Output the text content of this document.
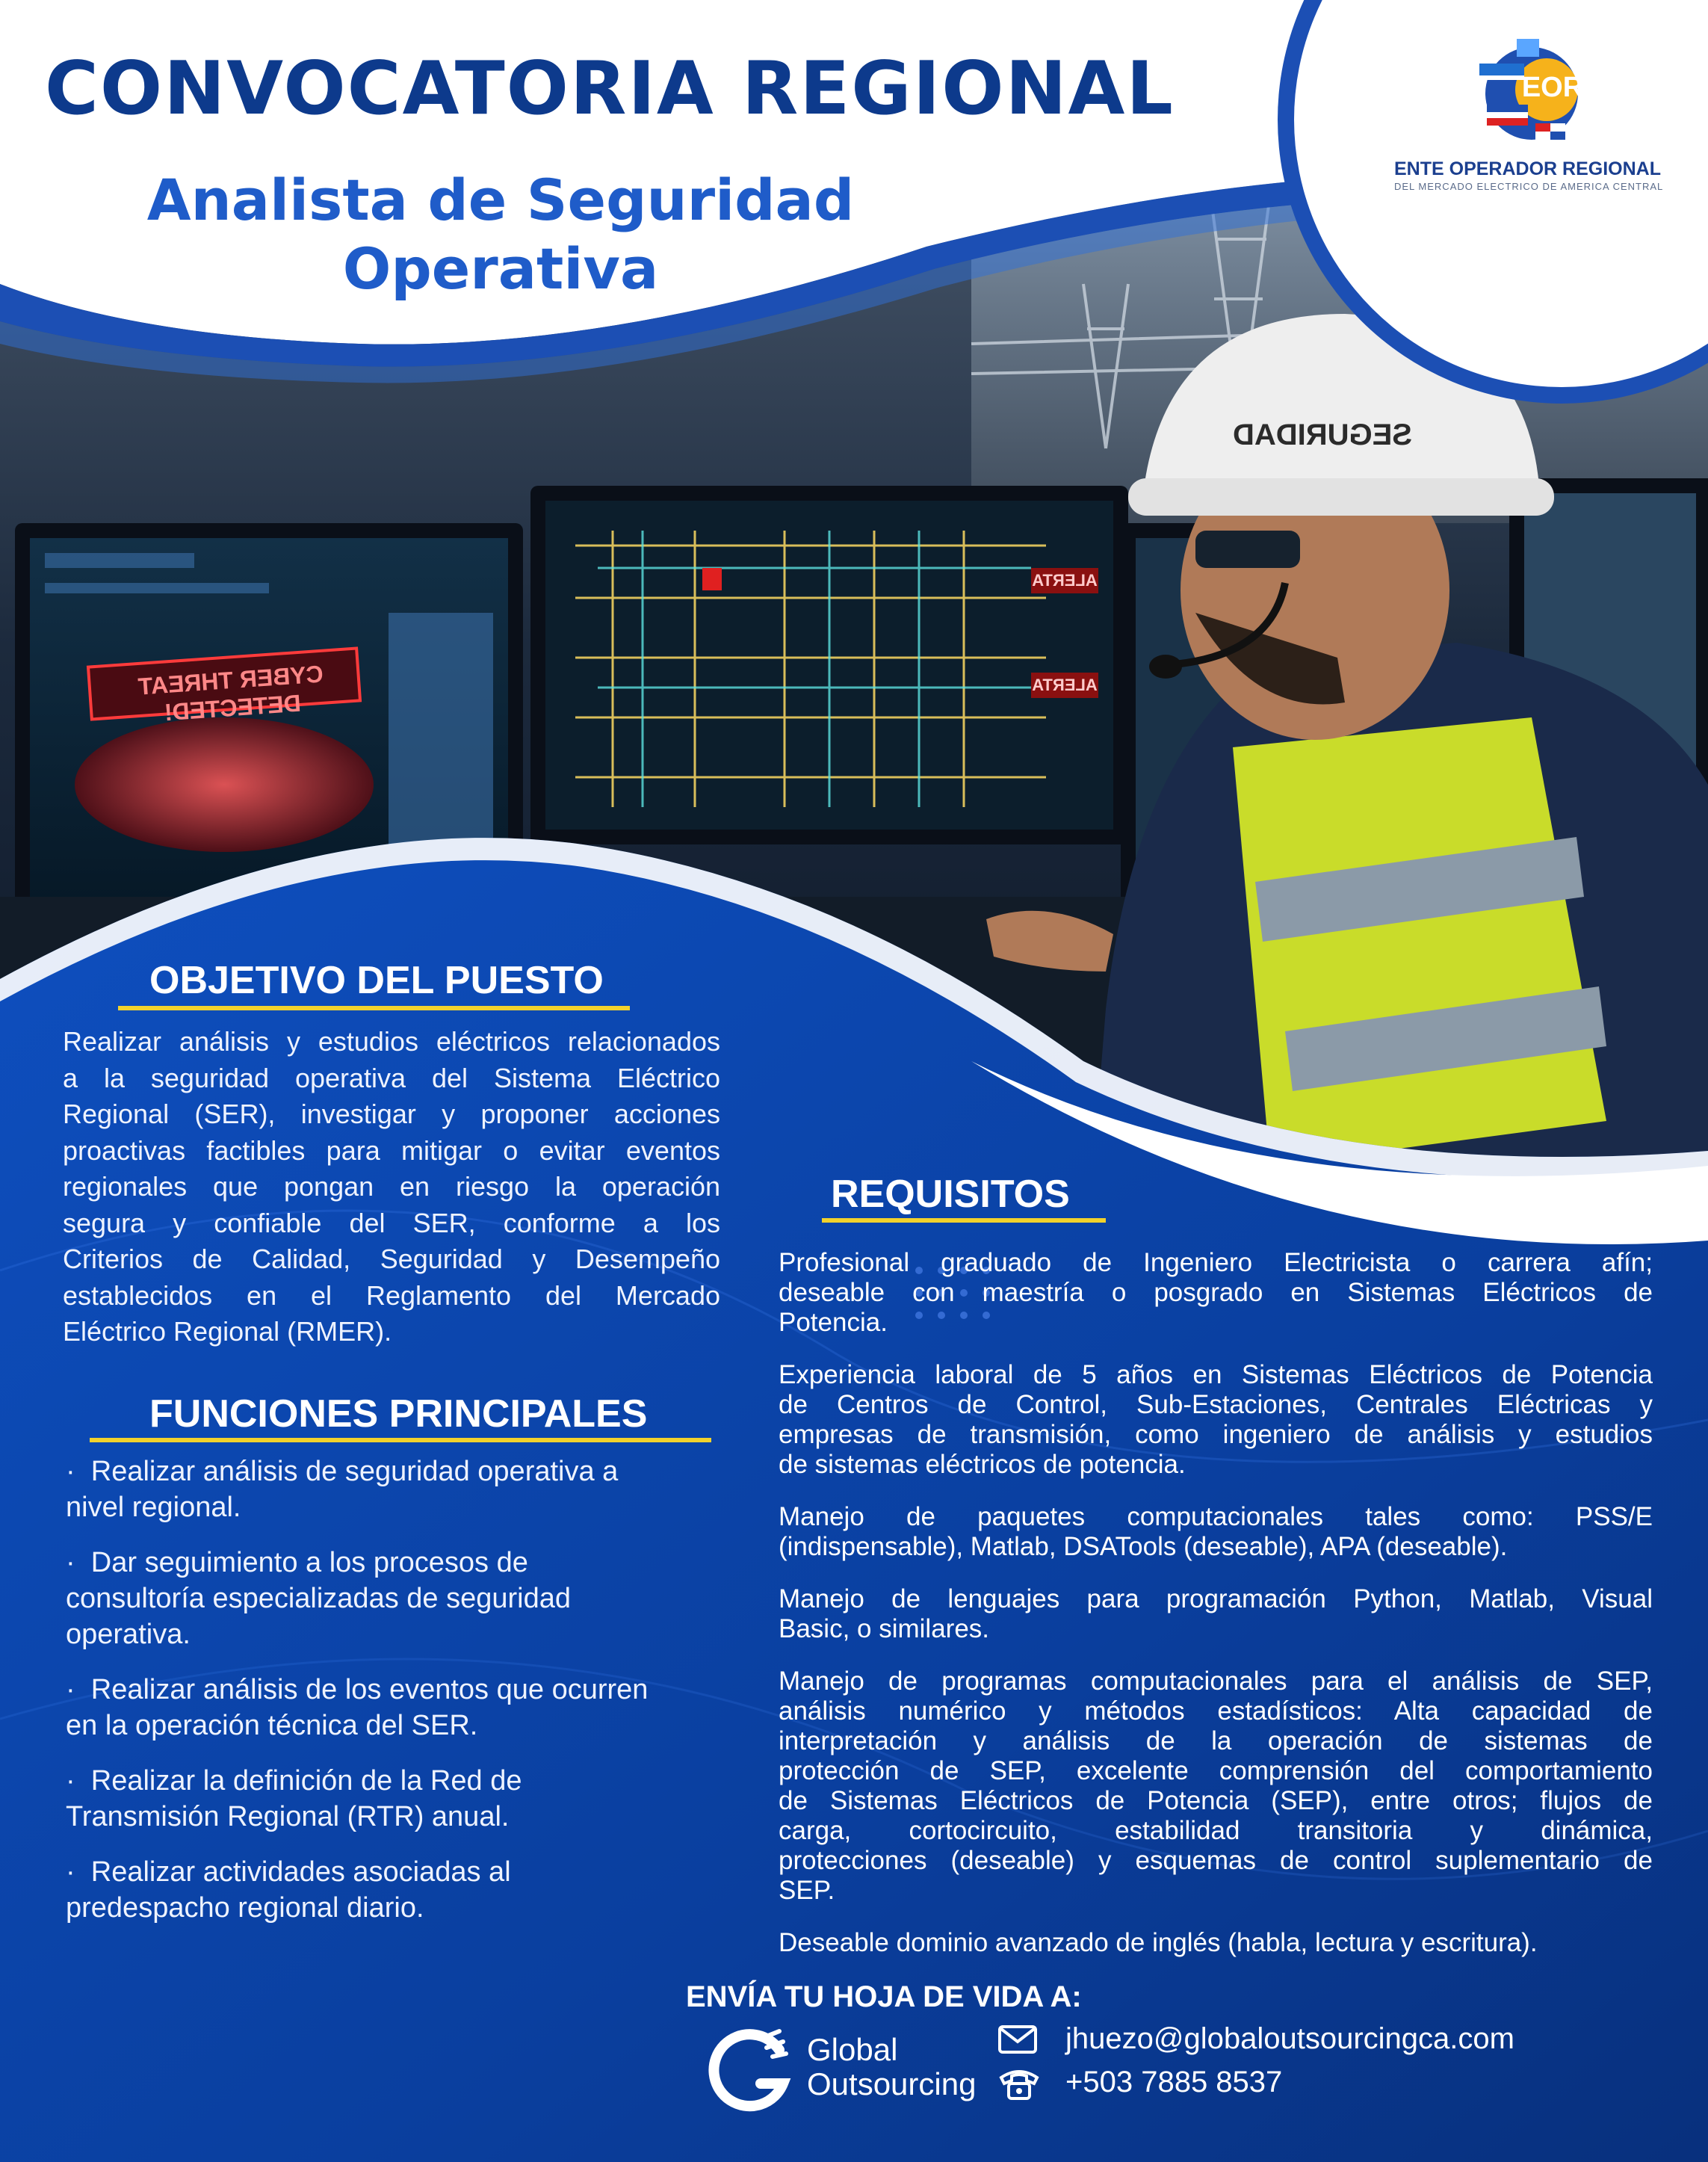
SEGURIDAD
CYBER THREAT DETECTED!
ALERTA
ALERTA
CONVOCATORIA REGIONAL
Analista de Seguridad
Operativa
EOR
ENTE OPERADOR REGIONAL
DEL MERCADO ELECTRICO DE AMERICA CENTRAL
OBJETIVO DEL PUESTO
Realizar análisis y estudios eléctricos relacionados
a la seguridad operativa del Sistema Eléctrico
Regional (SER), investigar y proponer acciones
proactivas factibles para mitigar o evitar eventos
regionales que pongan en riesgo la operación
segura y confiable del SER, conforme a los
Criterios de Calidad, Seguridad y Desempeño
establecidos en el Reglamento del Mercado
Eléctrico Regional (RMER).
FUNCIONES PRINCIPALES
· Realizar análisis de seguridad operativa a
nivel regional.
· Dar seguimiento a los procesos de
consultoría especializadas de seguridad
operativa.
· Realizar análisis de los eventos que ocurren
en la operación técnica del SER.
· Realizar la definición de la Red de
Transmisión Regional (RTR) anual.
· Realizar actividades asociadas al
predespacho regional diario.
REQUISITOS
Profesional graduado de Ingeniero Electricista o carrera afín;
deseable con maestría o posgrado en Sistemas Eléctricos de
Potencia.
Experiencia laboral de 5 años en Sistemas Eléctricos de Potencia
de Centros de Control, Sub-Estaciones, Centrales Eléctricas y
empresas de transmisión, como ingeniero de análisis y estudios
de sistemas eléctricos de potencia.
Manejo de paquetes computacionales tales como: PSS/E
(indispensable), Matlab, DSATools (deseable), APA (deseable).
Manejo de lenguajes para programación Python, Matlab, Visual
Basic, o similares.
Manejo de programas computacionales para el análisis de SEP,
análisis numérico y métodos estadísticos: Alta capacidad de
interpretación y análisis de la operación de sistemas de
protección de SEP, excelente comprensión del comportamiento
de Sistemas Eléctricos de Potencia (SEP), entre otros; flujos de
carga, cortocircuito, estabilidad transitoria y dinámica,
protecciones (deseable) y esquemas de control suplementario de
SEP.
Deseable dominio avanzado de inglés (habla, lectura y escritura).
ENVÍA TU HOJA DE VIDA A:
Global
Outsourcing
jhuezo@globaloutsourcingca.com
+503 7885 8537
